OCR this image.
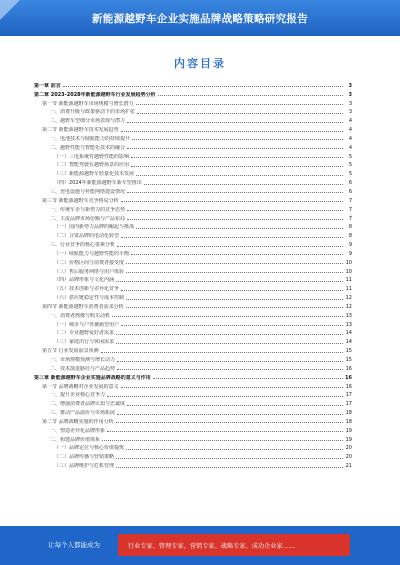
新能源越野车企业实施品牌战略策略研究报告
内容目录
第一章 前言	3
第二章 2023-2028年新能源越野车行业发展趋势分析	3
第一节 新能源越野车市场规模与增长潜力	3
一、消费升级与政策驱动下的市场扩张	3
二、越野车型细分市场表现与潜力	4
第二节 新能源越野车技术发展趋势	4
一、电池技术与续航能力的持续提升	4
二、越野性能与智能化技术的融合	4
（一）三电系统对越野性能的影响	5
（二）智能驾驶在越野场景的应用	5
（三）新能源越野车轻量化技术发展	5
（四）2024年新能源越野车新车型推出	6
三、充电设施与补能网络建设情况	6
第三节 新能源越野车竞争格局分析	7
一、传统车企与新势力的竞争态势	7
二、主流品牌市场份额与产品布局	7
（一）国内新势力品牌的崛起与挑战	8
（二）合资品牌的电动化转型	8
三、行业竞争的核心要素分析	9
（一）续航能力与越野性能的平衡	9
（二）价格区间与消费者接受度	10
（三）售后服务网络与用户体验	10
（四）品牌形象与文化内涵	11
（五）技术创新与差异化竞争	11
（六）供应链稳定性与成本控制	12
第四节 新能源越野车消费者需求分析	12
一、消费者画像与购买动机	13
（一）城市与户外兼顾型用户	13
（二）专业越野爱好者需求	14
（三）家庭出行与休闲需求	14
第五节 行业发展前景预测	15
一、市场规模预测与增长动力	15
二、技术演进路径与产品趋势	16
第三章 新能源越野车企业实施品牌战略的意义与作用	16
第一节 品牌战略对企业发展的意义	16
一、提升企业核心竞争力	17
二、增强消费者品牌认知与忠诚度	17
三、推动产品溢价与市场拓展	18
第二节 品牌战略实施的作用分析	18
一、塑造差异化品牌形象	19
二、构建品牌价值体系	19
（一）品牌定位与核心价值提炼	20
（二）品牌传播与营销策略	20
（三）品牌维护与危机管理	21
让每个人都能成为	行业专家、管理专家、营销专家、战略专家、成功企业家……
